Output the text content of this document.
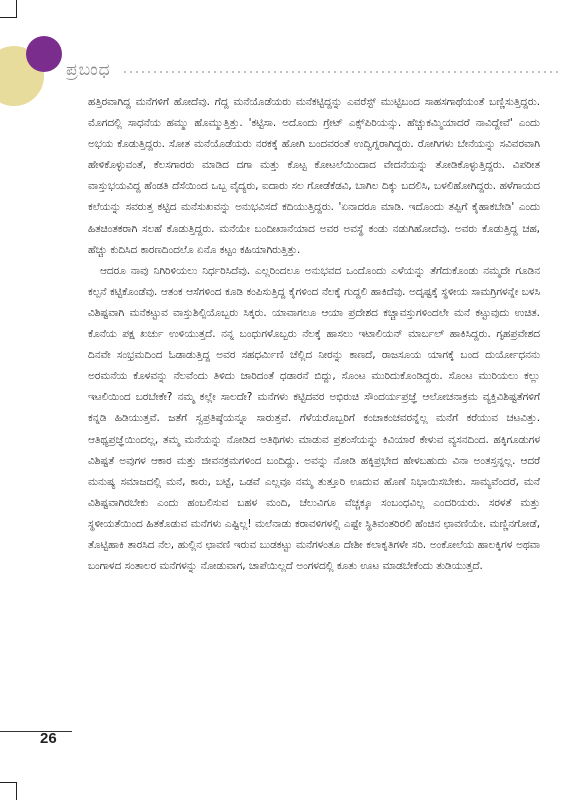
ಪ್ರಬಂಧ

ಹತ್ತಿರವಾಗಿದ್ದ ಮನೆಗಳಿಗೆ ಹೋದೆವು. ಗೆದ್ದ ಮನೆಯೊಡೆಯರು ಮನೆಕಟ್ಟಿದ್ದನ್ನು ಎವರೆಸ್ಟ್ ಮುಟ್ಟಿಬಂದ ಸಾಹಸಗಾಥೆಯಂತೆ ಬಣ್ಣಿಸುತ್ತಿದ್ದರು. ಮೊಗದಲ್ಲಿ ಸಾಧನೆಯ ಹಮ್ಮು ಹೊಮ್ಮುತ್ತಿತ್ತು. 'ಕಟ್ಟಿಸಾ. ಅದೊಂದು ಗ್ರೇಟ್ ಎಕ್ಸ್‌ಪಿರಿಯನ್ಸು. ಹೆಚ್ಚುಕಮ್ಮಿಯಾದರೆ ನಾವಿದ್ದೇವೆ' ಎಂದು ಅಭಯ ಕೊಡುತ್ತಿದ್ದರು. ಸೋತ ಮನೆಯೊಡೆಯರು ನರಕಕ್ಕೆ ಹೋಗಿ ಬಂದವರಂತೆ ಉದ್ವಿಗ್ನರಾಗಿದ್ದರು. ರೋಗಿಗಳು ಬೇನೆಯನ್ನು ಸವಿವರವಾಗಿ ಹೇಳಿಕೊಳ್ಳುವಂತೆ, ಕೆಲಸಗಾರರು ಮಾಡಿದ ದಗಾ ಮತ್ತು ಕೊಟ್ಟ ಕೋಟಲೆಯಿಂದಾದ ವೇದನೆಯನ್ನು ತೋಡಿಕೊಳ್ಳುತ್ತಿದ್ದರು. ವಿಪರೀತ ವಾಸ್ತುಭಯವಿದ್ದ ಹೆಂಡತಿ ದೆಸೆಯಿಂದ ಒಬ್ಬ ವೈದ್ಯರು, ಐದಾರು ಸಲ ಗೋಡೆಕೆಡವಿ, ಬಾಗಿಲ ದಿಕ್ಕು ಬದಲಿಸಿ, ಬಳಲಿಹೋಗಿದ್ದರು. ಹಳೆಗಾಯದ ಕಲೆಯನ್ನು ಸವರುತ್ತ ಕಟ್ಟಿದ ಮನೆಸುಖವನ್ನು ಅನುಭವಿಸದೆ ಕದಿಯುತ್ತಿದ್ದರು. 'ಏನಾದರೂ ಮಾಡಿ. ಇದೊಂದು ತಪ್ಪಿಗೆ ಕೈಹಾಕಬೇಡಿ' ಎಂದು ಹಿತಚಿಂತಕರಾಗಿ ಸಲಹೆ ಕೊಡುತ್ತಿದ್ದರು. ಮನೆಯೇ ಬಂದೀಖಾನೆಯಾದ ಅವರ ಅವಸ್ಥೆ ಕಂಡು ನಡುಗಿಹೋದೆವು. ಅವರು ಕೊಡುತ್ತಿದ್ದ ಚಹ, ಹೆಚ್ಚು ಕುದಿಸಿದ ಕಾರಣದಿಂದಲೊ ಏನೊ ಕಟ್ಟಂ ಕಹಿಯಾಗಿರುತ್ತಿತ್ತು.

ಆದರೂ ನಾವು ನಿಗಿರಿಳಿಯಲು ನಿರ್ಧರಿಸಿದೆವು. ಎಲ್ಲರಿಂದಲೂ ಅನುಭವದ ಒಂದೊಂದು ಎಳೆಯನ್ನು ತೆಗೆದುಕೊಂಡು ನಮ್ಮದೇ ಗೂಡಿನ ಕಲ್ಪನೆ ಕಟ್ಟಿಕೊಂಡೆವು. ಆತಂಕ ಆಸೆಗಳಿಂದ ಕೂಡಿ ಕಂಪಿಸುತ್ತಿದ್ದ ಕೈಗಳಿಂದ ನೆಲಕ್ಕೆ ಗುದ್ದಲಿ ಹಾಕಿದೆವು. ಅದೃಷ್ಟಕ್ಕೆ ಸ್ಥಳೀಯ ಸಾಮಗ್ರಿಗಳನ್ನೇ ಬಳಸಿ ವಿಶಿಷ್ಟವಾಗಿ ಮನೆಕಟ್ಟುವ ವಾಸ್ತುಶಿಲ್ಪಿಯೊಬ್ಬರು ಸಿಕ್ಕರು. ಯಾವಾಗಲೂ ಆಯಾ ಪ್ರದೇಶದ ಕಚ್ಚಾವಸ್ತುಗಳಿಂದಲೇ ಮನೆ ಕಟ್ಟುವುದು ಉಚಿತ. ಕೊನೆಯ ಪಕ್ಷ ಖರ್ಚು ಉಳಿಯುತ್ತದೆ. ನನ್ನ ಬಂಧುಗಳೊಬ್ಬರು ನೆಲಕ್ಕೆ ಹಾಸಲು ಇಟಾಲಿಯನ್ ಮಾರ್ಬಲ್ ಹಾಕಿಸಿದ್ದರು. ಗೃಹಪ್ರವೇಶದ ದಿನವೇ ಸಂಭ್ರಮದಿಂದ ಓಡಾಡುತ್ತಿದ್ದ ಅವರ ಸಹಧರ್ಮಿಣಿ ಚೆಲ್ಲಿದ ನೀರನ್ನು ಕಾಣದೆ, ರಾಜಸೂಯ ಯಾಗಕ್ಕೆ ಬಂದ ದುರ್ಯೋಧನನು ಅರಮನೆಯ ಕೊಳವನ್ನು ನೆಲವೆಂದು ತಿಳಿದು ಜಾರಿದಂತೆ ಧಡಾರನೆ ಬಿದ್ದು, ಸೊಂಟ ಮುರಿದುಕೊಂಡಿದ್ದರು. ಸೊಂಟ ಮುರಿಯಲು ಕಲ್ಲು ಇಟಲಿಯಿಂದ ಬರಬೇಕೇ? ನಮ್ಮ ಕಲ್ಲೇ ಸಾಲದೇ? ಮನೆಗಳು ಕಟ್ಟಿದವರ ಅಭಿರುಚಿ ಸೌಂದರ್ಯಪ್ರಜ್ಞೆ ಆಲೋಚನಾಕ್ರಮ ವ್ಯಕ್ತಿವಿಶಿಷ್ಟತೆಗಳಿಗೆ ಕನ್ನಡಿ ಹಿಡಿಯುತ್ತವೆ. ಜತೆಗೆ ಸ್ವಪ್ರತಿಷ್ಠೆಯನ್ನೂ ಸಾರುತ್ತವೆ. ಗೆಳೆಯರೊಬ್ಬರಿಗೆ ಕಂಚಾಕಂಚವರನ್ನೆಲ್ಲ ಮನೆಗೆ ಕರೆಯುವ ಚಟವಿತ್ತು. ಆತಿಥ್ಯಪ್ರಜ್ಞೆಯಿಂದಲ್ಲ, ತಮ್ಮ ಮನೆಯನ್ನು ನೋಡಿದ ಅತಿಥಿಗಳು ಮಾಡುವ ಪ್ರಶಂಸೆಯನ್ನು ಕಿವಿಯಾರೆ ಕೇಳುವ ವ್ಯಸನದಿಂದ. ಹಕ್ಕಿಗೂಡುಗಳ ವಿಶಿಷ್ಟತೆ ಅವುಗಳ ಆಕಾರ ಮತ್ತು ಜೀವನಕ್ರಮಗಳಿಂದ ಬಂದಿದ್ದು. ಅವನ್ನು ನೋಡಿ ಹಕ್ಕಿಪ್ರಭೇದ ಹೇಳಬಹುದು ವಿನಾ ಅಂತಸ್ತನ್ನಲ್ಲ. ಆದರೆ ಮನುಷ್ಯ ಸಮಾಜದಲ್ಲಿ ಮನೆ, ಕಾರು, ಬಟ್ಟೆ, ಒಡವೆ ಎಲ್ಲವೂ ನಮ್ಮ ತುತ್ತೂರಿ ಊದುವ ಹೊಣೆ ನಿಭಾಯಿಸಬೇಕು. ಸಾಮ್ಯವೆಂದರೆ, ಮನೆ ವಿಶಿಷ್ಟವಾಗಿರಬೇಕು ಎಂದು ಹಂಬಲಿಸುವ ಬಹಳ ಮಂದಿ, ಚೆಲುವಿಗೂ ವೆಚ್ಚಕ್ಕೂ ಸಂಬಂಧವಿಲ್ಲ ಎಂದರಿಯರು. ಸರಳತೆ ಮತ್ತು ಸ್ಥಳೀಯತೆಯಿಂದ ಹಿತಕೊಡುವ ಮನೆಗಳು ಎಷ್ಟಿಲ್ಲ! ಮಲೆನಾಡು ಕರಾವಳಿಗಳಲ್ಲಿ ಎಷ್ಟೇ ಸ್ಥಿತಿವಂತರಿರಲಿ ಹೆಂಚಿನ ಛಾವಣಿಯೇ. ಮಣ್ಣಿನಗೋಡೆ, ತೊಟ್ಟಿಹಾಕಿ ತಾರಸಿದ ನೆಲ, ಹುಲ್ಲಿನ ಛಾವಣಿ ಇರುವ ಬುಡಕಟ್ಟು ಮನೆಗಳಂತೂ ದೇಶೀ ಕಲಾಕೃತಿಗಳೇ ಸರಿ. ಅಂಕೋಲೆಯ ಹಾಲಕ್ಕಿಗಳ ಅಥವಾ ಬಂಗಾಳದ ಸಂತಾಲರ ಮನೆಗಳನ್ನು ನೋಡುವಾಗ, ಚಾಪೆಯಿಲ್ಲದೆ ಅಂಗಳದಲ್ಲಿ ಕೂತು ಊಟ ಮಾಡಬೇಕೆಂದು ತುಡಿಯುತ್ತದೆ.

26
